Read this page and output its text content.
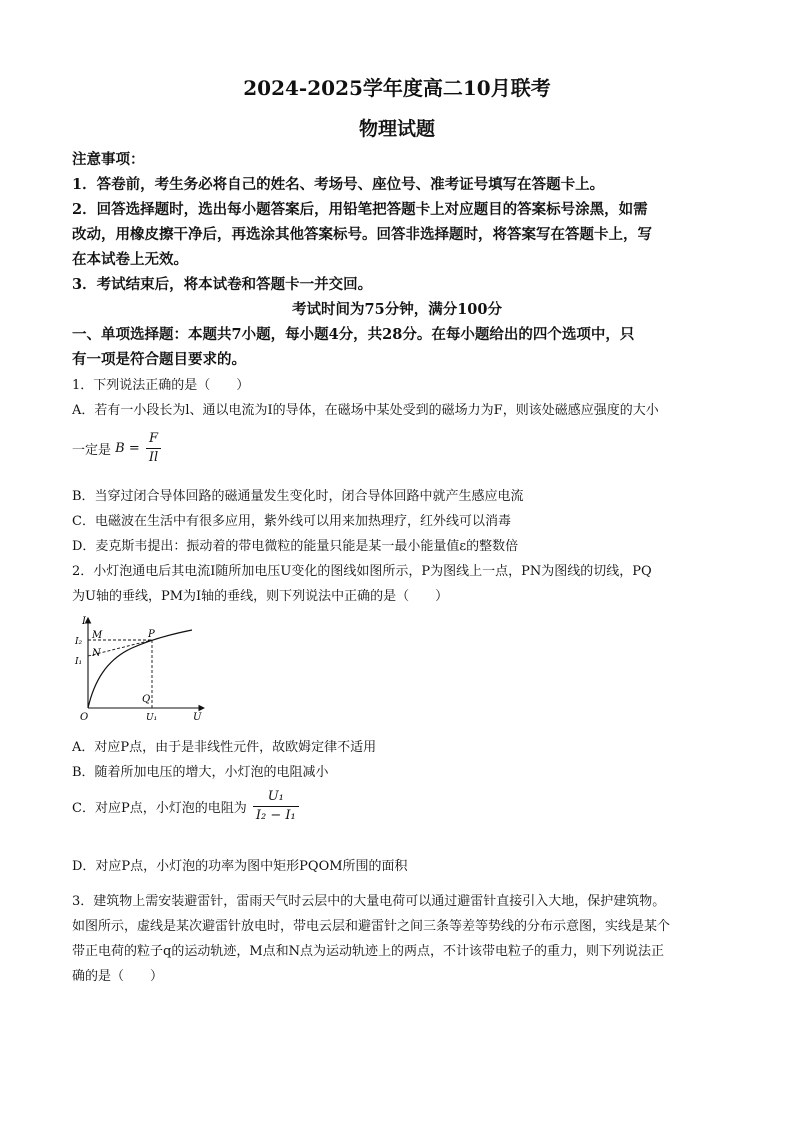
2024-2025学年度高二10月联考
物理试题
注意事项：
1．答卷前，考生务必将自己的姓名、考场号、座位号、准考证号填写在答题卡上。
2．回答选择题时，选出每小题答案后，用铅笔把答题卡上对应题目的答案标号涂黑，如需
改动，用橡皮擦干净后，再选涂其他答案标号。回答非选择题时，将答案写在答题卡上，写
在本试卷上无效。
3．考试结束后，将本试卷和答题卡一并交回。
考试时间为75分钟，满分100分
一、单项选择题：本题共7小题，每小题4分，共28分。在每小题给出的四个选项中，只
有一项是符合题目要求的。
1．下列说法正确的是（　　）
A．若有一小段长为l、通以电流为I的导体，在磁场中某处受到的磁场力为F，则该处磁感应强度的大小
一定是 $B = \frac{F}{Il}$
B．当穿过闭合导体回路的磁通量发生变化时，闭合导体回路中就产生感应电流
C．电磁波在生活中有很多应用，紫外线可以用来加热理疗，红外线可以消毒
D．麦克斯韦提出：振动着的带电微粒的能量只能是某一最小能量值ε的整数倍
2．小灯泡通电后其电流I随所加电压U变化的图线如图所示，P为图线上一点，PN为图线的切线，PQ
为U轴的垂线，PM为I轴的垂线，则下列说法中正确的是（　　）
I
U
O
M
N
P
Q
I₂
I₁
U₁
A．对应P点，由于是非线性元件，故欧姆定律不适用
B．随着所加电压的增大，小灯泡的电阻减小
C．对应P点，小灯泡的电阻为 $\frac{\text{U₁}}{\text{I₂ − I₁}}$
D．对应P点，小灯泡的功率为图中矩形PQOM所围的面积
3．建筑物上需安装避雷针，雷雨天气时云层中的大量电荷可以通过避雷针直接引入大地，保护建筑物。
如图所示，虚线是某次避雷针放电时，带电云层和避雷针之间三条等差等势线的分布示意图，实线是某个
带正电荷的粒子q的运动轨迹，M点和N点为运动轨迹上的两点，不计该带电粒子的重力，则下列说法正
确的是（　　）
